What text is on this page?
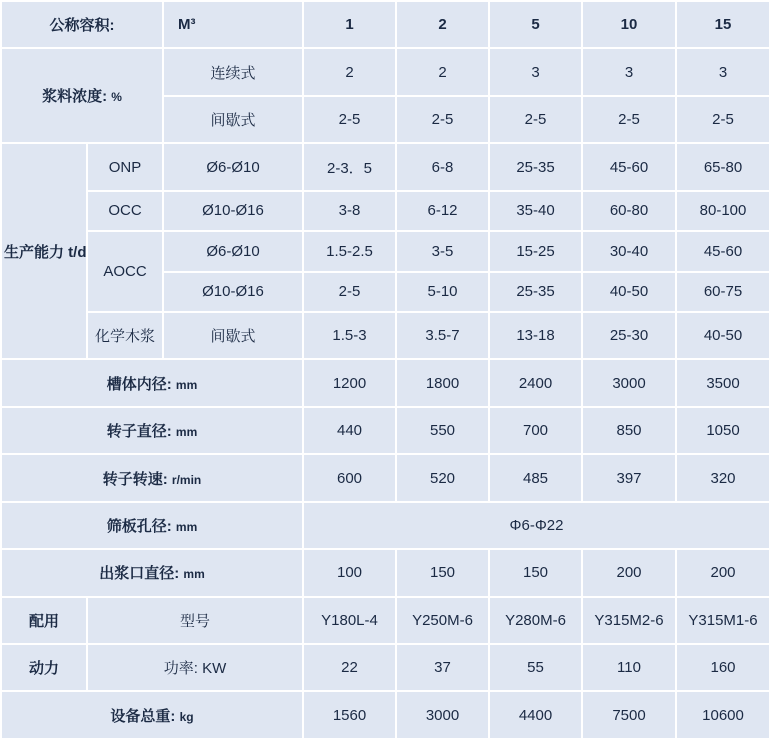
公称容积:		M³	1	2	5	10	15
浆料浓度: %		连续式	2	2	3	3	3
		间歇式	2-5	2-5	2-5	2-5	2-5
生产能力 t/d	ONP	Ø6-Ø10	2-3．5	6-8	25-35	45-60	65-80
	OCC	Ø10-Ø16	3-8	6-12	35-40	60-80	80-100
	AOCC	Ø6-Ø10	1.5-2.5	3-5	15-25	30-40	45-60
		Ø10-Ø16	2-5	5-10	25-35	40-50	60-75
	化学木浆	间歇式	1.5-3	3.5-7	13-18	25-30	40-50
槽体内径: mm			1200	1800	2400	3000	3500
转子直径: mm			440	550	700	850	1050
转子转速: r/min			600	520	485	397	320
筛板孔径: mm			Φ6-Φ22				
出浆口直径: mm			100	150	150	200	200
配用	型号		Y180L-4	Y250M-6	Y280M-6	Y315M2-6	Y315M1-6
动力	功率: KW		22	37	55	110	160
设备总重: kg			1560	3000	4400	7500	10600
